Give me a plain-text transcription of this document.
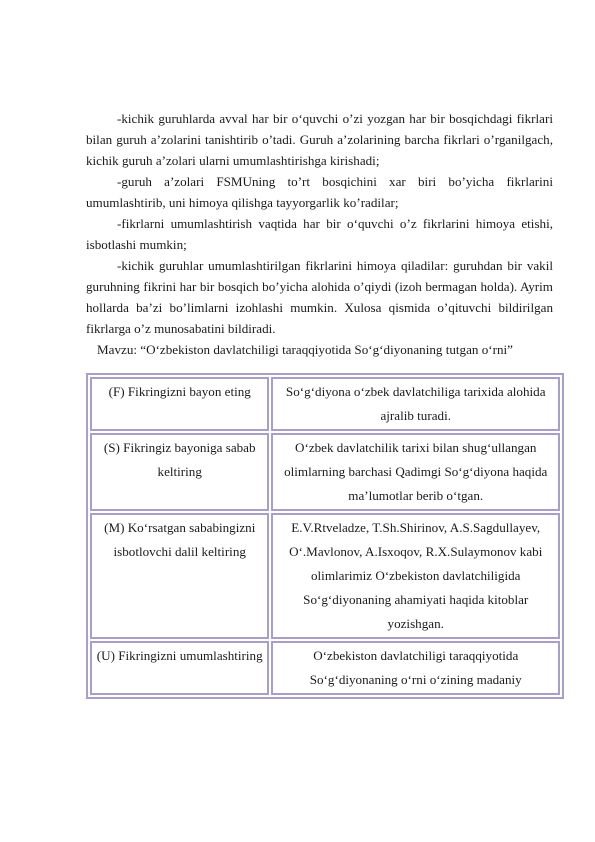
-kichik guruhlarda avval har bir o‘quvchi o’zi yozgan har bir bosqichdagi fikrlari bilan guruh a’zolarini tanishtirib o’tadi. Guruh a’zolarining barcha fikrlari o’rganilgach, kichik guruh a’zolari ularni umumlashtirishga kirishadi;

-guruh a’zolari FSMUning to’rt bosqichini xar biri bo’yicha fikrlarini umumlashtirib, uni himoya qilishga tayyorgarlik ko’radilar;

-fikrlarni umumlashtirish vaqtida har bir o‘quvchi o’z fikrlarini himoya etishi, isbotlashi mumkin;

-kichik guruhlar umumlashtirilgan fikrlarini himoya qiladilar: guruhdan bir vakil guruhning fikrini har bir bosqich bo’yicha alohida o’qiydi (izoh bermagan holda). Ayrim hollarda ba’zi bo’limlarni izohlashi mumkin. Xulosa qismida o’qituvchi bildirilgan fikrlarga o’z munosabatini bildiradi.

Mavzu: “O‘zbekiston davlatchiligi taraqqiyotida So‘g‘diyonaning tutgan o‘rni”

(F) Fikringizni bayon eting	So‘g‘diyona o‘zbek davlatchiliga tarixida alohida ajralib turadi.
(S) Fikringiz bayoniga sabab keltiring	O‘zbek davlatchilik tarixi bilan shug‘ullangan olimlarning barchasi Qadimgi So‘g‘diyona haqida ma’lumotlar berib o‘tgan.
(M) Ko‘rsatgan sababingizni isbotlovchi dalil keltiring	E.V.Rtveladze, T.Sh.Shirinov, A.S.Sagdullayev, O‘.Mavlonov, A.Isxoqov, R.X.Sulaymonov kabi olimlarimiz O‘zbekiston davlatchiligida So‘g‘diyonaning ahamiyati haqida kitoblar yozishgan.
(U) Fikringizni umumlashtiring	O‘zbekiston davlatchiligi taraqqiyotida So‘g‘diyonaning o‘rni o‘zining madaniy
